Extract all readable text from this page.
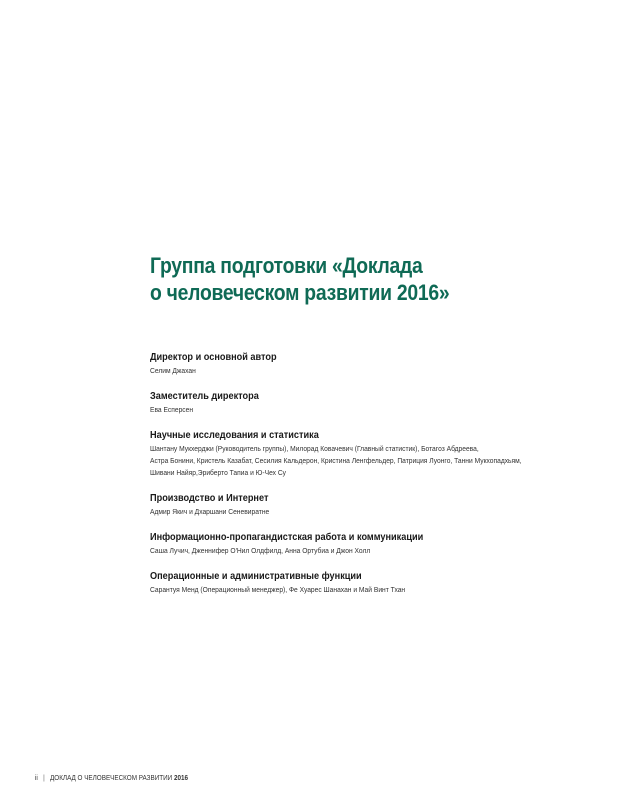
Группа подготовки «Доклада
о человеческом развитии 2016»

Директор и основной автор

Селим Джахан

Заместитель директора

Ева Есперсен

Научные исследования и статистика

Шантану Мукхерджи (Руководитель группы), Милорад Ковачевич (Главный статистик), Ботагоз Абдреева,
Астра Бонини, Кристель Казабат, Сесилия Кальдерон, Кристина Ленгфельдер, Патриция Луонго, Танни Мукхопадхьям,
Шивани Найяр,Эриберто Тапиа и Ю-Чех Су

Производство и Интернет

Адмир Якич и Дхаршани Сеневиратне

Информационно-пропагандистская работа и коммуникации

Саша Лучич, Дженнифер О'Нил Олдфилд, Анна Ортубиа и Джон Холл

Операционные и административные функции

Сарантуя Менд (Операционный менеджер), Фе Хуарес Шанахан и Май Винт Тхан

ii | ДОКЛАД О ЧЕЛОВЕЧЕСКОМ РАЗВИТИИ 2016
